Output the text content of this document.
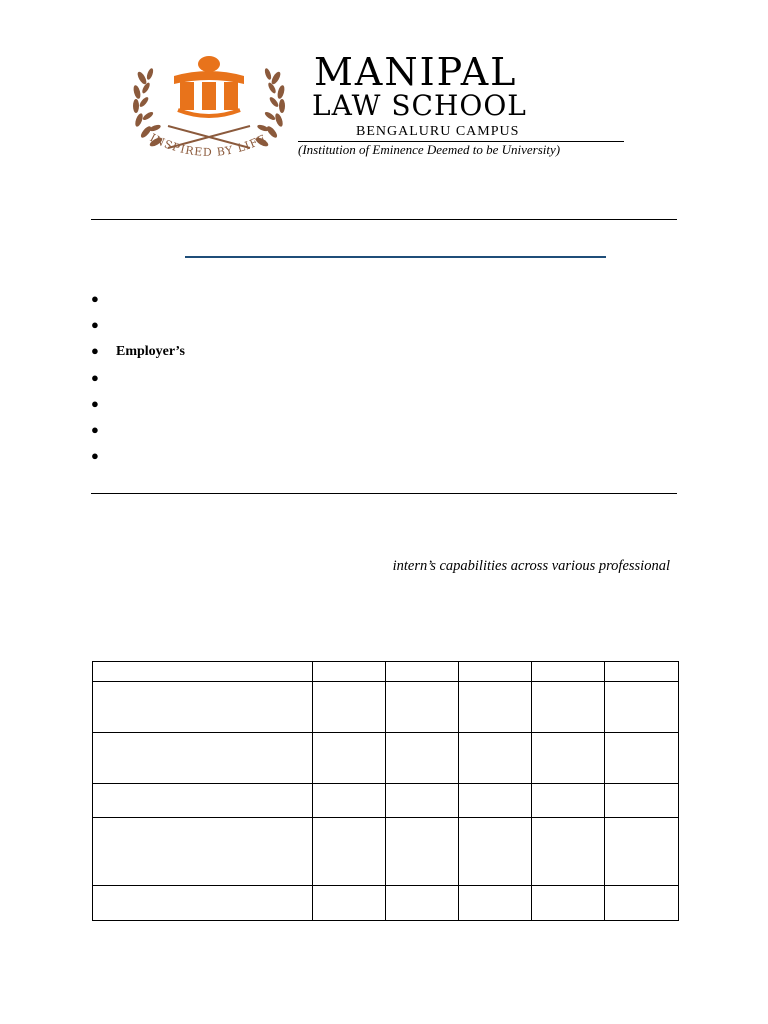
INSPIRED BY LIFE
MANIPAL
LAW SCHOOL
BENGALURU CAMPUS
(Institution of Eminence Deemed to be University)
●
●
● Employer’s
●
●
●
●
intern’s capabilities across various professional
